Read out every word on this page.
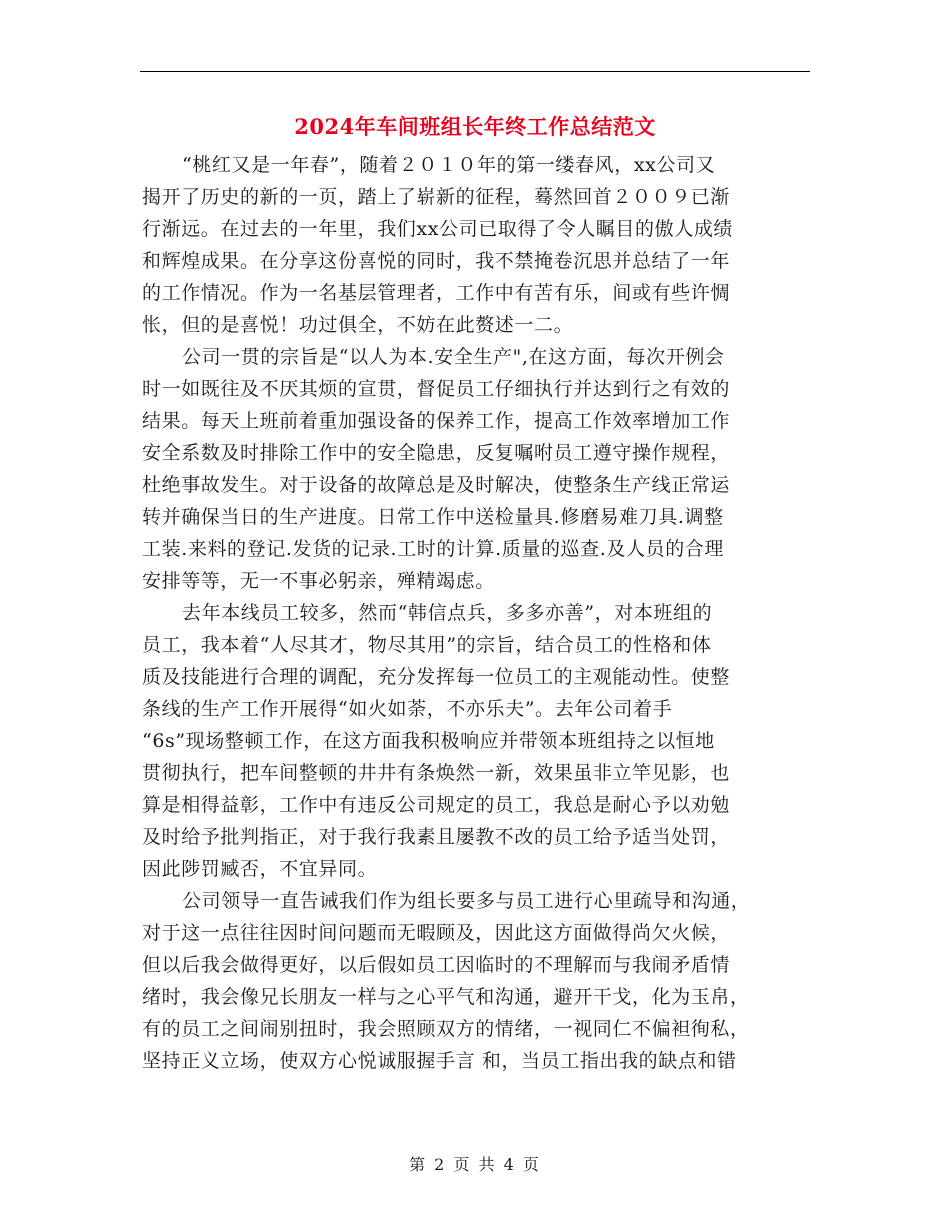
2024年车间班组长年终工作总结范文
“桃红又是一年春”，随着２０１０年的第一缕春风，xx公司又
揭开了历史的新的一页，踏上了崭新的征程，蓦然回首２００９已渐
行渐远。在过去的一年里，我们xx公司已取得了令人瞩目的傲人成绩
和辉煌成果。在分享这份喜悦的同时，我不禁掩卷沉思并总结了一年
的工作情况。作为一名基层管理者，工作中有苦有乐，间或有些许惆
怅，但的是喜悦！功过俱全，不妨在此赘述一二。
公司一贯的宗旨是“以人为本.安全生产",在这方面，每次开例会
时一如既往及不厌其烦的宣贯，督促员工仔细执行并达到行之有效的
结果。每天上班前着重加强设备的保养工作，提高工作效率增加工作
安全系数及时排除工作中的安全隐患，反复嘱咐员工遵守操作规程，
杜绝事故发生。对于设备的故障总是及时解决，使整条生产线正常运
转并确保当日的生产进度。日常工作中送检量具.修磨易难刀具.调整
工装.来料的登记.发货的记录.工时的计算.质量的巡查.及人员的合理
安排等等，无一不事必躬亲，殚精竭虑。
去年本线员工较多，然而“韩信点兵，多多亦善”，对本班组的
员工，我本着“人尽其才，物尽其用”的宗旨，结合员工的性格和体
质及技能进行合理的调配，充分发挥每一位员工的主观能动性。使整
条线的生产工作开展得“如火如荼，不亦乐夫”。去年公司着手
“6s”现场整顿工作，在这方面我积极响应并带领本班组持之以恒地
贯彻执行，把车间整顿的井井有条焕然一新，效果虽非立竿见影，也
算是相得益彰，工作中有违反公司规定的员工，我总是耐心予以劝勉
及时给予批判指正，对于我行我素且屡教不改的员工给予适当处罚，
因此陟罚臧否，不宜异同。
公司领导一直告诫我们作为组长要多与员工进行心里疏导和沟通，
对于这一点往往因时间问题而无暇顾及，因此这方面做得尚欠火候，
但以后我会做得更好，以后假如员工因临时的不理解而与我闹矛盾情
绪时，我会像兄长朋友一样与之心平气和沟通，避开干戈，化为玉帛，
有的员工之间闹别扭时，我会照顾双方的情绪，一视同仁不偏袒徇私，
坚持正义立场，使双方心悦诚服握手言 和，当员工指出我的缺点和错
第 2 页 共 4 页
